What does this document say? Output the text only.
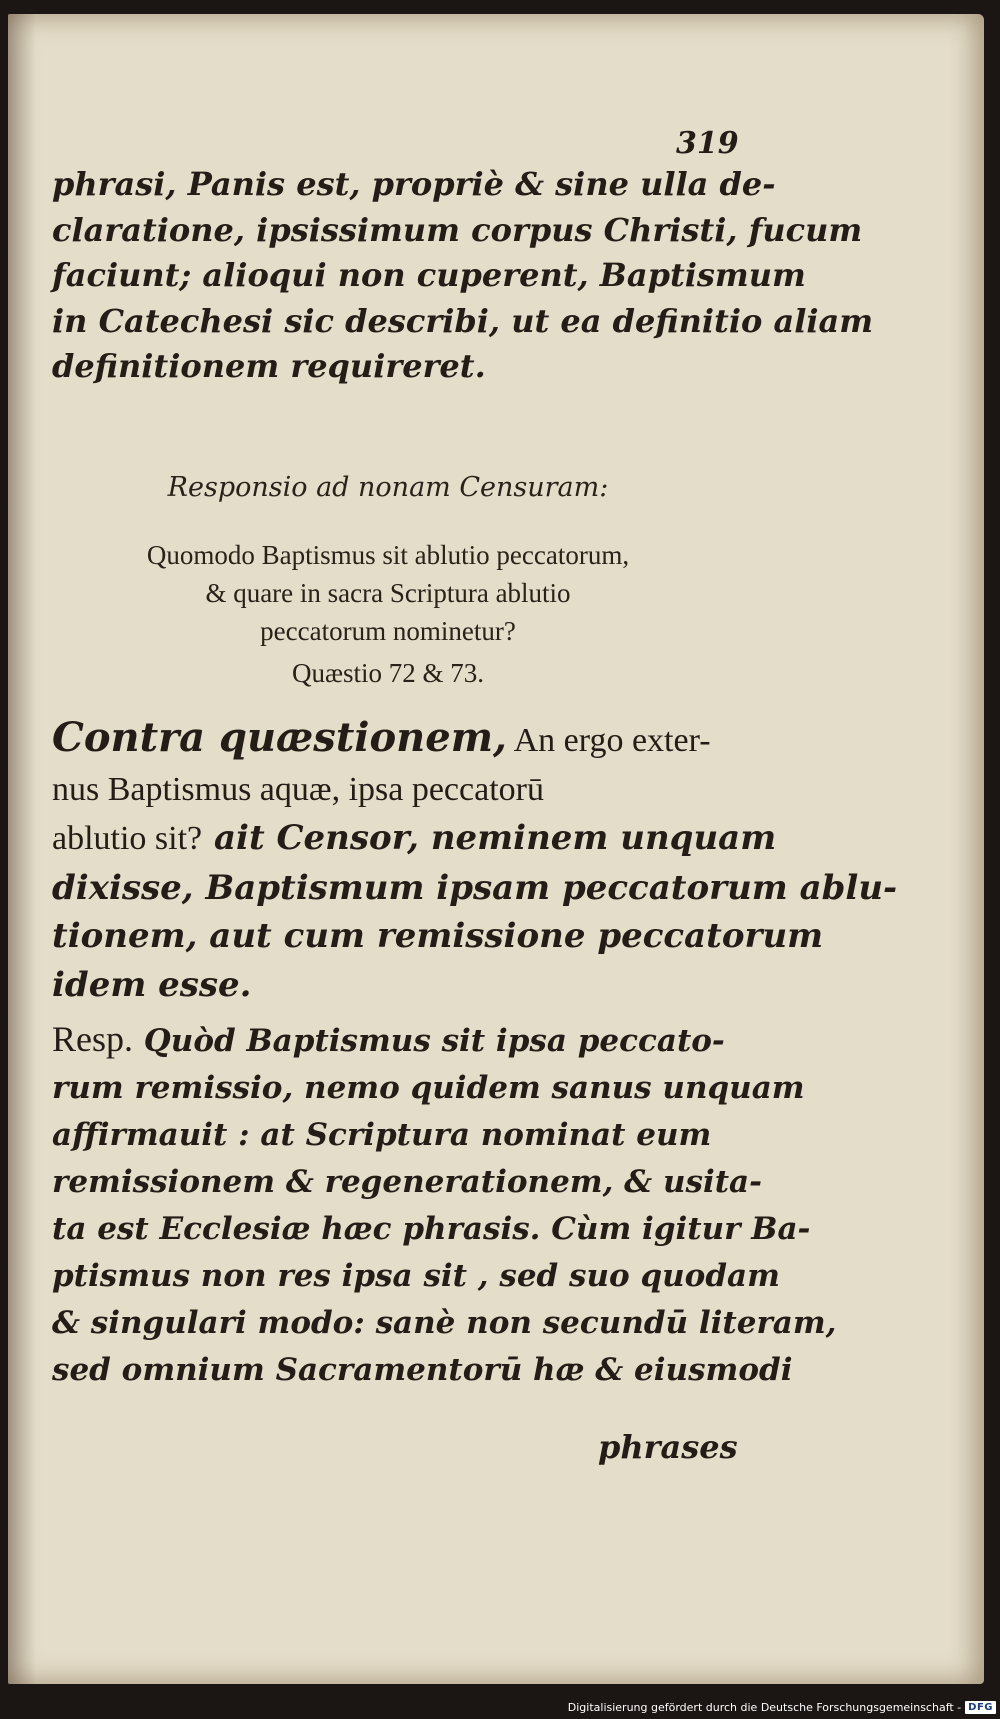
319

phrasi, Panis est, propriè & sine ulla de-
claratione, ipsissimum corpus Christi, fucum
faciunt; alioqui non cuperent, Baptismum
in Catechesi sic describi, ut ea definitio aliam
definitionem requireret.

Responsio ad nonam Censuram:

Quomodo Baptismus sit ablutio peccatorum,
& quare in sacra Scriptura ablutio
peccatorum nominetur?

Quæstio 72 & 73.

Contra quæstionem, An ergo exter-
nus Baptismus aquæ, ipsa peccatorū
ablutio sit? ait Censor, neminem unquam
dixisse, Baptismum ipsam peccatorum ablu-
tionem, aut cum remissione peccatorum
idem esse.

Resp. Quòd Baptismus sit ipsa peccato-
rum remissio, nemo quidem sanus unquam
affirmauit : at Scriptura nominat eum
remissionem & regenerationem, & usita-
ta est Ecclesiæ hæc phrasis. Cùm igitur Ba-
ptismus non res ipsa sit , sed suo quodam
& singulari modo: sanè non secundū literam,
sed omnium Sacramentorū hæ & eiusmodi

phrases

Digitalisierung gefördert durch die Deutsche Forschungsgemeinschaft - DFG
